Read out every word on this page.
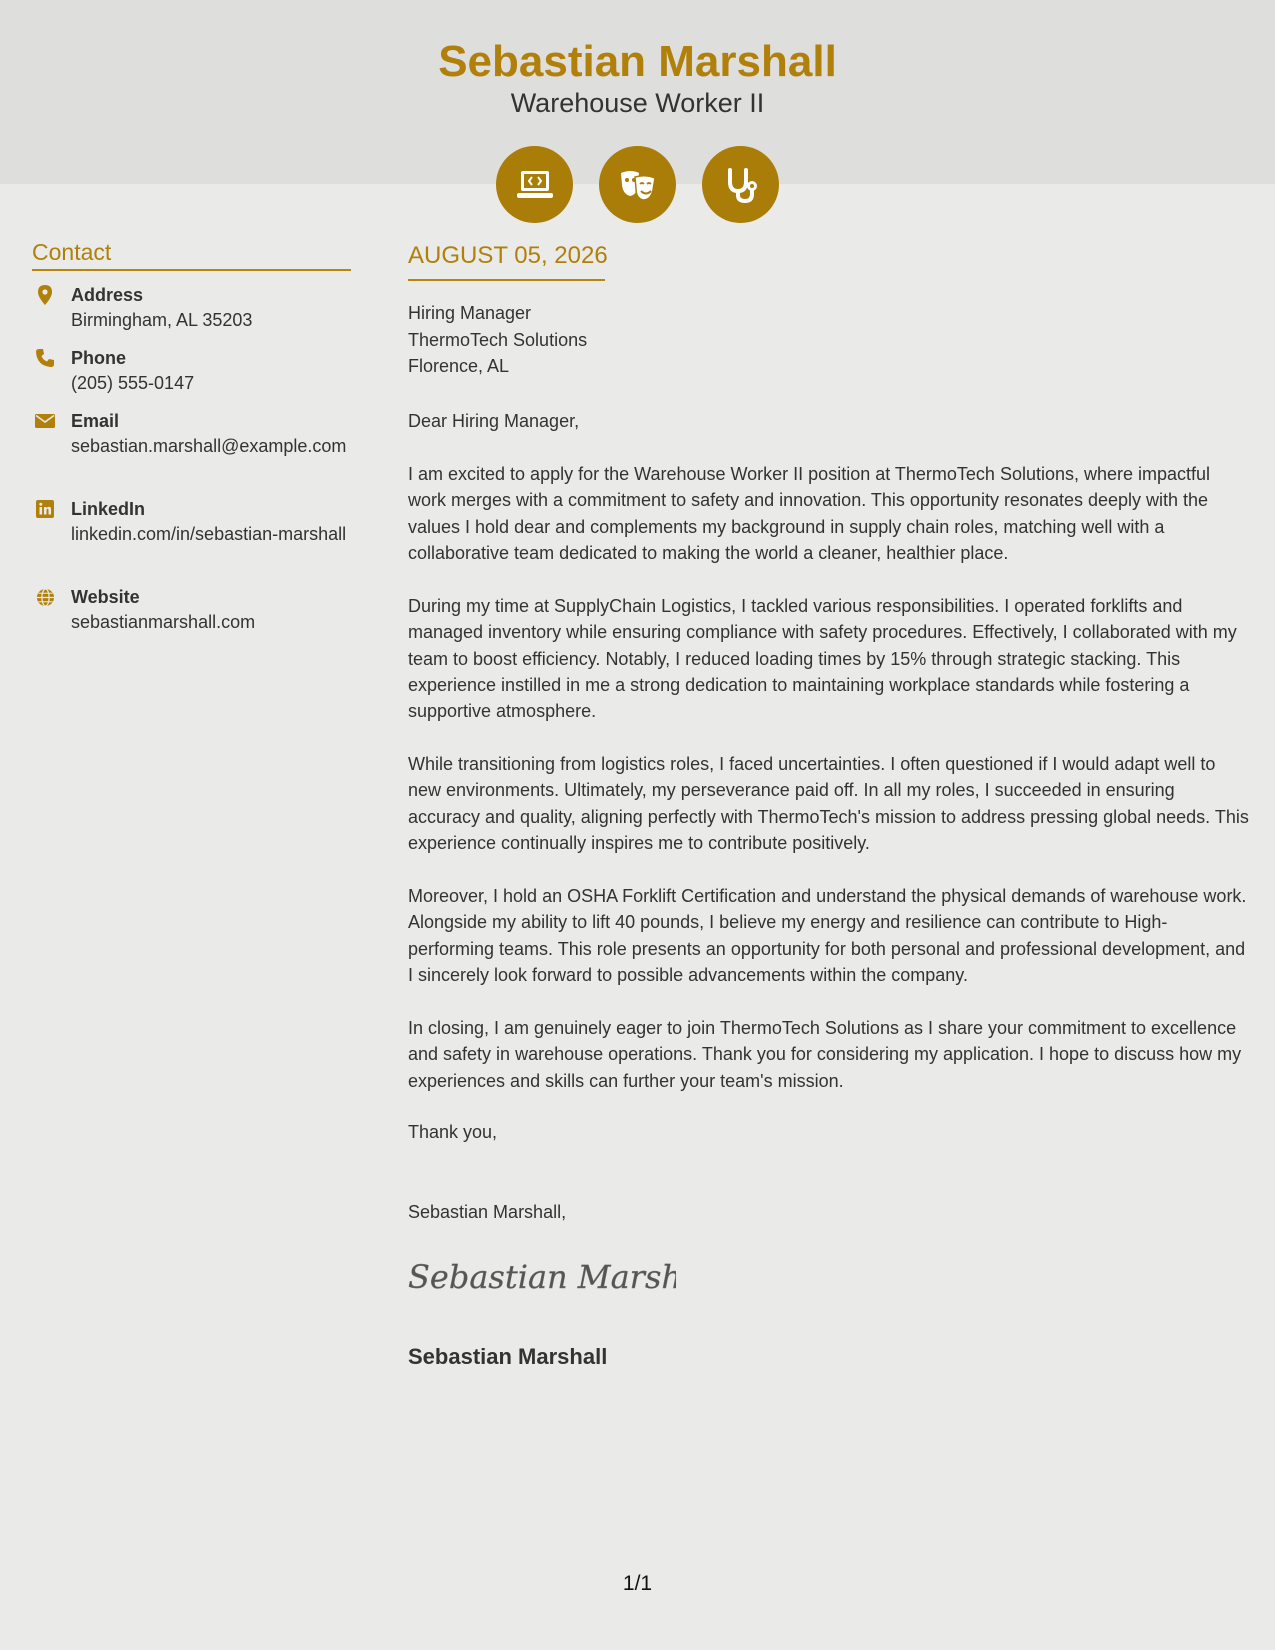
Sebastian Marshall
Warehouse Worker II
Contact
Address
Birmingham, AL 35203
Phone
(205) 555-0147
Email
sebastian.marshall@example.com
LinkedIn
linkedin.com/in/sebastian-marshall
Website
sebastianmarshall.com
AUGUST 05, 2026
Hiring Manager
ThermoTech Solutions
Florence, AL
Dear Hiring Manager,
I am excited to apply for the Warehouse Worker II position at ThermoTech Solutions, where impactful work merges with a commitment to safety and innovation. This opportunity resonates deeply with the values I hold dear and complements my background in supply chain roles, matching well with a collaborative team dedicated to making the world a cleaner, healthier place.
During my time at SupplyChain Logistics, I tackled various responsibilities. I operated forklifts and managed inventory while ensuring compliance with safety procedures. Effectively, I collaborated with my team to boost efficiency. Notably, I reduced loading times by 15% through strategic stacking. This experience instilled in me a strong dedication to maintaining workplace standards while fostering a supportive atmosphere.
While transitioning from logistics roles, I faced uncertainties. I often questioned if I would adapt well to new environments. Ultimately, my perseverance paid off. In all my roles, I succeeded in ensuring accuracy and quality, aligning perfectly with ThermoTech's mission to address pressing global needs. This experience continually inspires me to contribute positively.
Moreover, I hold an OSHA Forklift Certification and understand the physical demands of warehouse work. Alongside my ability to lift 40 pounds, I believe my energy and resilience can contribute to High-performing teams. This role presents an opportunity for both personal and professional development, and I sincerely look forward to possible advancements within the company.
In closing, I am genuinely eager to join ThermoTech Solutions as I share your commitment to excellence and safety in warehouse operations. Thank you for considering my application. I hope to discuss how my experiences and skills can further your team's mission.
Thank you,
Sebastian Marshall,
Sebastian Marsh
Sebastian Marshall
1/1
